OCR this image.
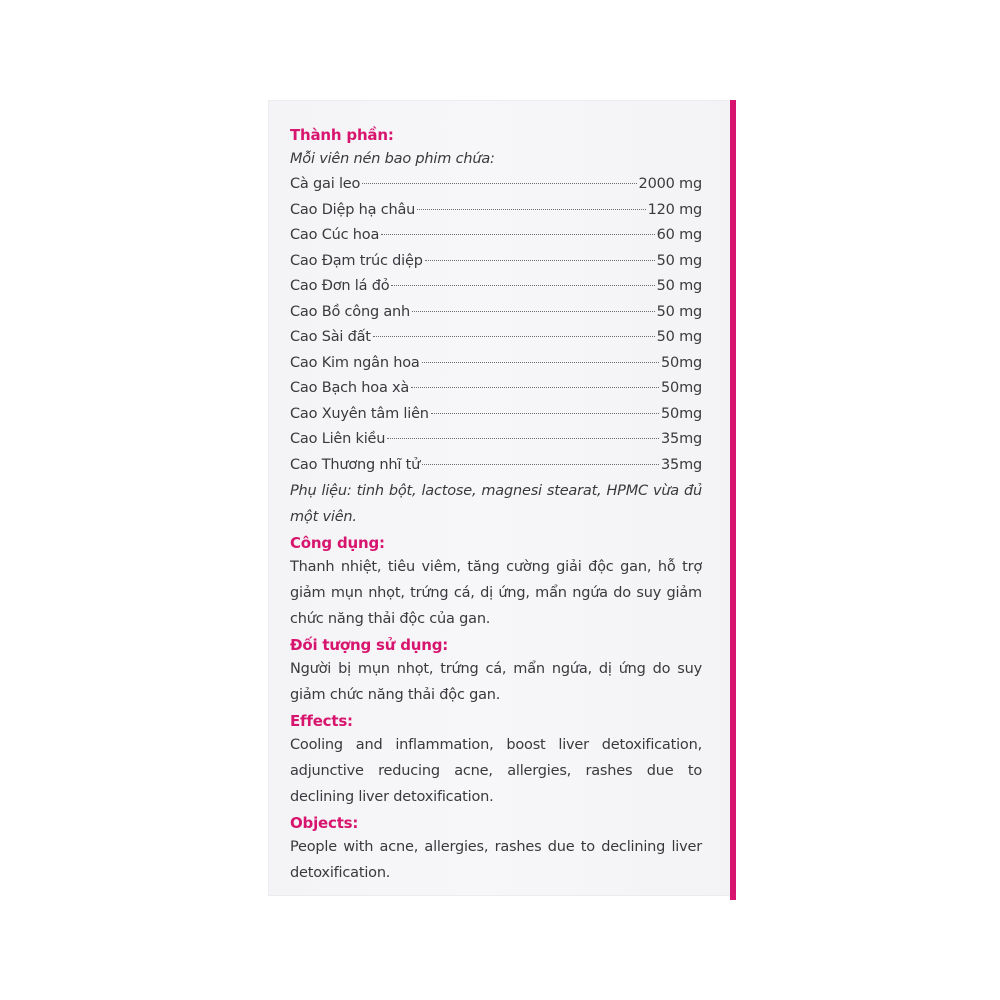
Thành phần:
Mỗi viên nén bao phim chứa:
Cà gai leo	2000 mg
Cao Diệp hạ châu	120 mg
Cao Cúc hoa	60 mg
Cao Đạm trúc diệp	50 mg
Cao Đơn lá đỏ	50 mg
Cao Bồ công anh	50 mg
Cao Sài đất	50 mg
Cao Kim ngân hoa	50mg
Cao Bạch hoa xà	50mg
Cao Xuyên tâm liên	50mg
Cao Liên kiều	35mg
Cao Thương nhĩ tử	35mg
Phụ liệu: tinh bột, lactose, magnesi stearat, HPMC vừa đủ một viên.
Công dụng:
Thanh nhiệt, tiêu viêm, tăng cường giải độc gan, hỗ trợ giảm mụn nhọt, trứng cá, dị ứng, mẩn ngứa do suy giảm chức năng thải độc của gan.
Đối tượng sử dụng:
Người bị mụn nhọt, trứng cá, mẩn ngứa, dị ứng do suy giảm chức năng thải độc gan.
Effects:
Cooling and inflammation, boost liver detoxification, adjunctive reducing acne, allergies, rashes due to declining liver detoxification.
Objects:
People with acne, allergies, rashes due to declining liver detoxification.
